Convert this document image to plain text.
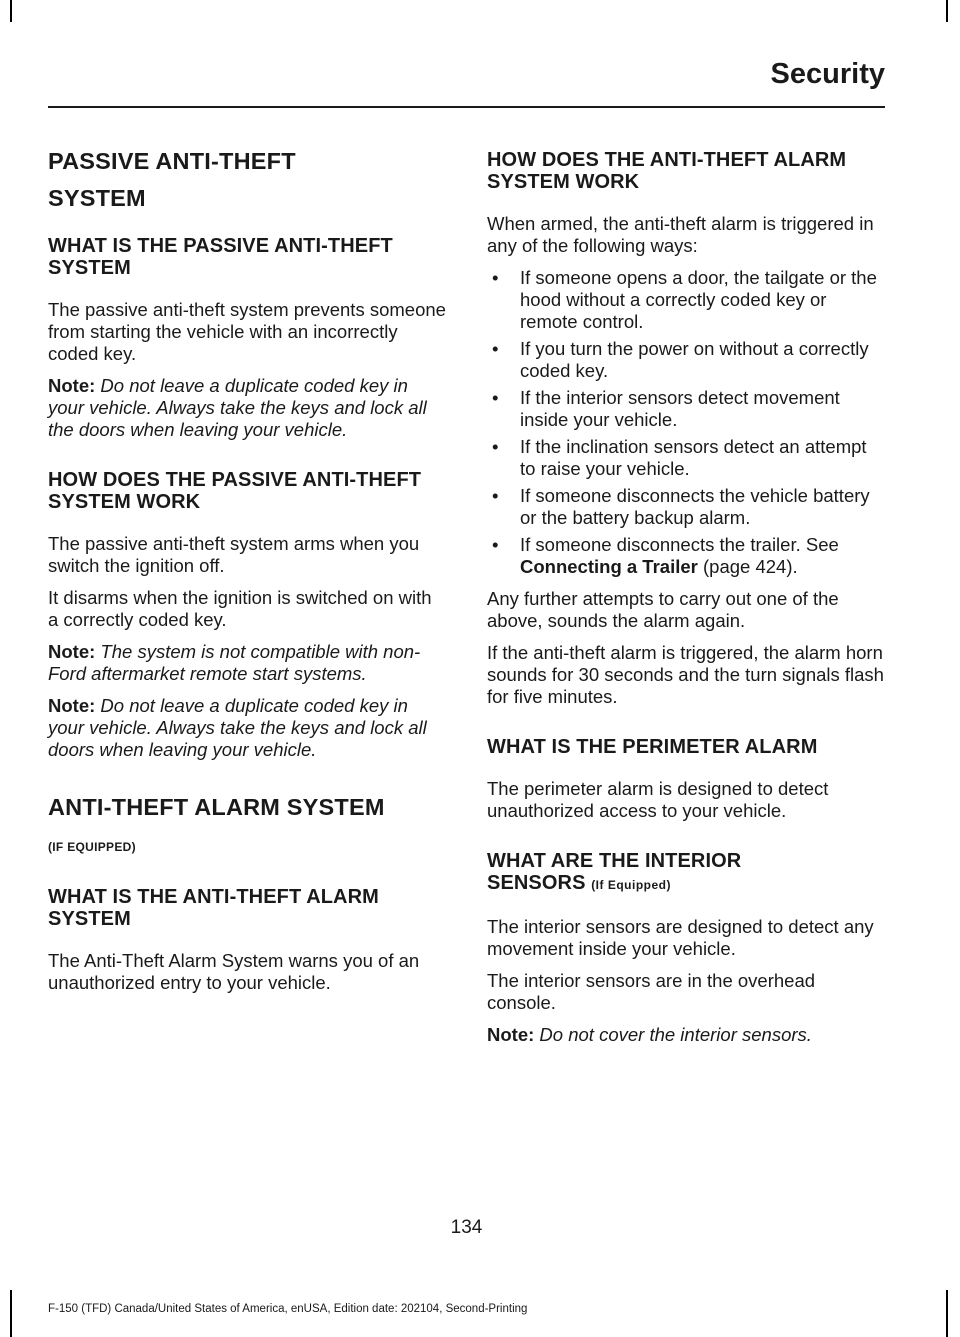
Security
PASSIVE ANTI-THEFT
SYSTEM
WHAT IS THE PASSIVE ANTI-THEFT SYSTEM

The passive anti-theft system prevents someone from starting the vehicle with an incorrectly coded key.

Note: Do not leave a duplicate coded key in your vehicle. Always take the keys and lock all the doors when leaving your vehicle.

HOW DOES THE PASSIVE ANTI-THEFT SYSTEM WORK

The passive anti-theft system arms when you switch the ignition off.

It disarms when the ignition is switched on with a correctly coded key.

Note: The system is not compatible with non-Ford aftermarket remote start systems.

Note: Do not leave a duplicate coded key in your vehicle. Always take the keys and lock all doors when leaving your vehicle.

ANTI-THEFT ALARM SYSTEM
(IF EQUIPPED)
WHAT IS THE ANTI-THEFT ALARM SYSTEM

The Anti-Theft Alarm System warns you of an unauthorized entry to your vehicle.

HOW DOES THE ANTI-THEFT ALARM SYSTEM WORK

When armed, the anti-theft alarm is triggered in any of the following ways:

• If someone opens a door, the tailgate or the hood without a correctly coded key or remote control.
• If you turn the power on without a correctly coded key.
• If the interior sensors detect movement inside your vehicle.
• If the inclination sensors detect an attempt to raise your vehicle.
• If someone disconnects the vehicle battery or the battery backup alarm.
• If someone disconnects the trailer. See Connecting a Trailer (page 424).

Any further attempts to carry out one of the above, sounds the alarm again.

If the anti-theft alarm is triggered, the alarm horn sounds for 30 seconds and the turn signals flash for five minutes.

WHAT IS THE PERIMETER ALARM

The perimeter alarm is designed to detect unauthorized access to your vehicle.

WHAT ARE THE INTERIOR
SENSORS (If Equipped)

The interior sensors are designed to detect any movement inside your vehicle.

The interior sensors are in the overhead console.

Note: Do not cover the interior sensors.

134
F-150 (TFD) Canada/United States of America, enUSA, Edition date: 202104, Second-Printing
